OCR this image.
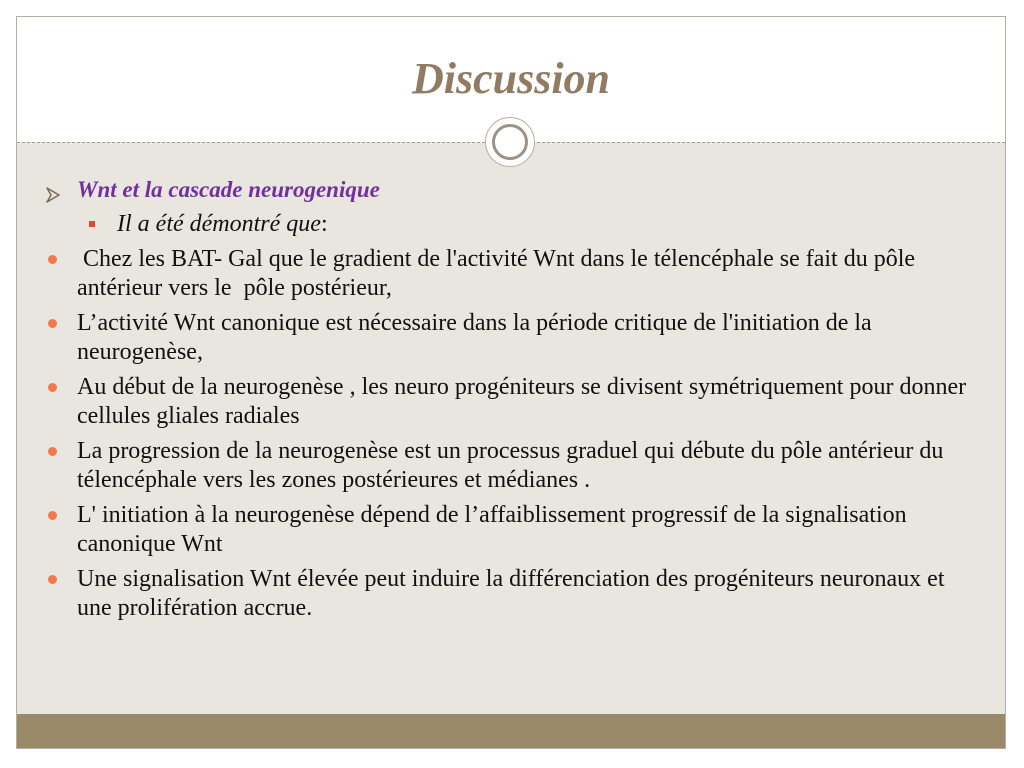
Discussion

Wnt et la cascade neurogenique

Il a été démontré que:

Chez les BAT- Gal que le gradient de l'activité Wnt dans le télencéphale se fait du pôle antérieur vers le  pôle postérieur,

L’activité Wnt canonique est nécessaire dans la période critique de l'initiation de la neurogenèse,

Au début de la neurogenèse , les neuro progéniteurs se divisent symétriquement pour donner cellules gliales radiales

La progression de la neurogenèse est un processus graduel qui débute du pôle antérieur du télencéphale vers les zones postérieures et médianes .

L' initiation à la neurogenèse dépend de l’affaiblissement progressif de la signalisation canonique Wnt

Une signalisation Wnt élevée peut induire la différenciation des progéniteurs neuronaux et une prolifération accrue.
